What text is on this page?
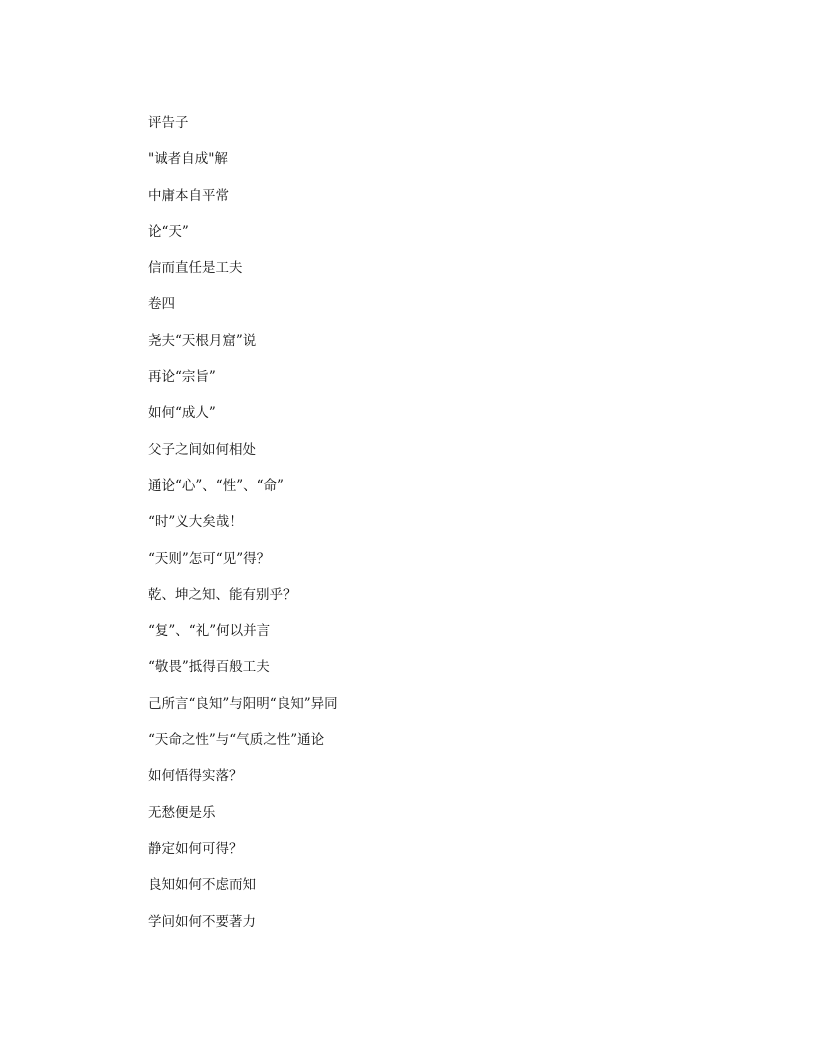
评告子
"诚者自成"解
中庸本自平常
论“天”
信而直任是工夫
卷四
尧夫“天根月窟”说
再论“宗旨”
如何“成人”
父子之间如何相处
通论“心”、“性”、“命”
“时”义大矣哉！
“天则”怎可“见”得？
乾、坤之知、能有别乎？
“复”、“礼”何以并言
“敬畏”抵得百般工夫
己所言“良知”与阳明“良知”异同
“天命之性”与“气质之性”通论
如何悟得实落？
无愁便是乐
静定如何可得？
良知如何不虑而知
学问如何不要著力
